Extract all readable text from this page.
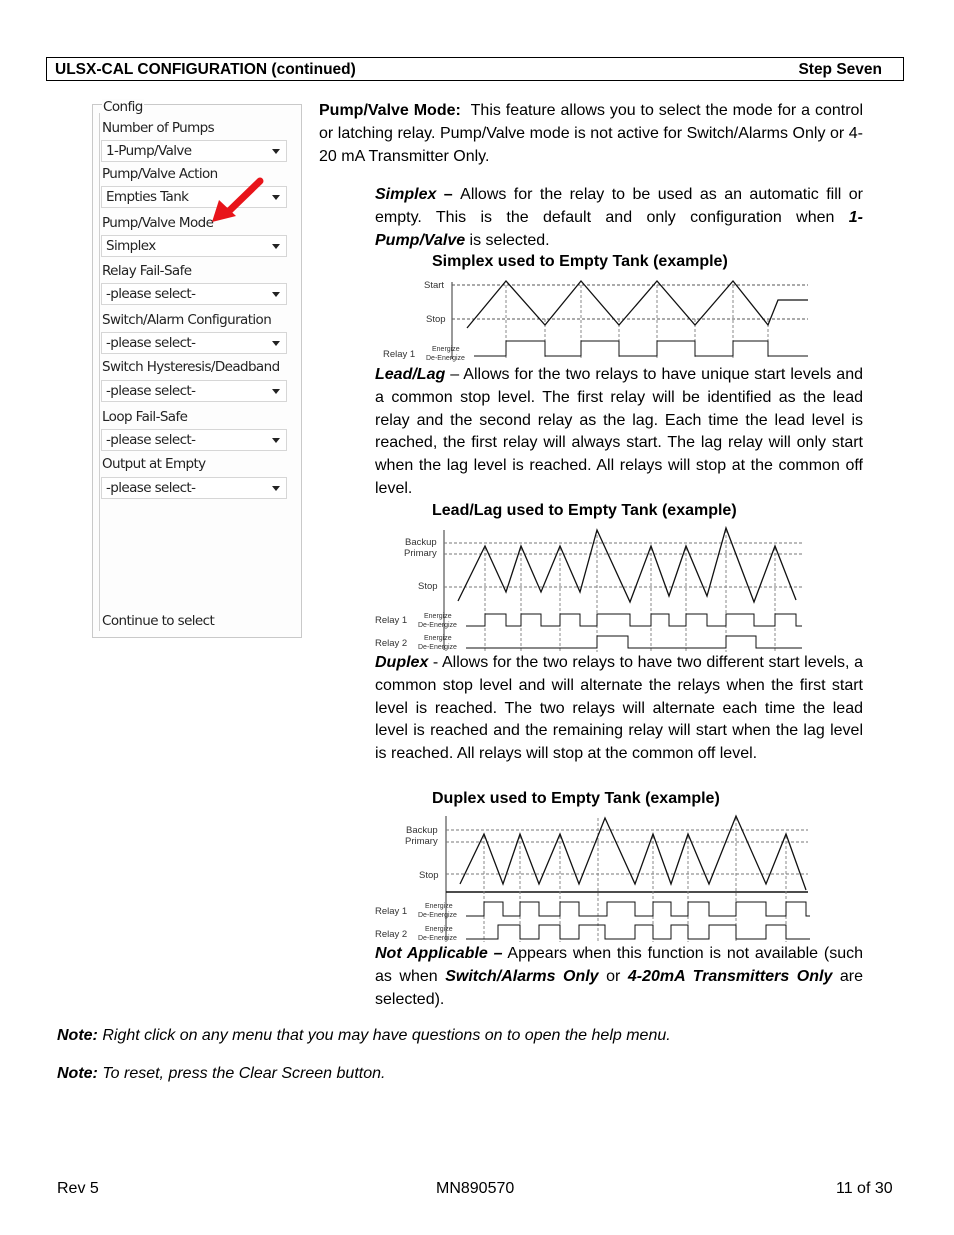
ULSX-CAL CONFIGURATION (continued)	Step Seven
Config
Number of Pumps
1-Pump/Valve
Pump/Valve Action
Empties Tank
Pump/Valve Mode
Simplex
Relay Fail-Safe
-please select-
Switch/Alarm Configuration
-please select-
Switch Hysteresis/Deadband
-please select-
Loop Fail-Safe
-please select-
Output at Empty
-please select-
Continue to select
Pump/Valve Mode: This feature allows you to select the mode for a control or latching relay. Pump/Valve mode is not active for Switch/Alarms Only or 4-20 mA Transmitter Only.
Simplex – Allows for the relay to be used as an automatic fill or empty. This is the default and only configuration when 1-Pump/Valve is selected.
Simplex used to Empty Tank (example)
Start
Stop
Relay 1 Energize
De-Energize
Lead/Lag – Allows for the two relays to have unique start levels and a common stop level. The first relay will be identified as the lead relay and the second relay as the lag. Each time the lead level is reached, the first relay will always start. The lag relay will only start when the lag level is reached. All relays will stop at the common off level.
Lead/Lag used to Empty Tank (example)
Backup
Primary
Stop
Relay 1
Relay 2
Energize
De-Energize
Energize
De-Energize
Duplex - Allows for the two relays to have two different start levels, a common stop level and will alternate the relays when the first start level is reached. The two relays will alternate each time the lead level is reached and the remaining relay will start when the lag level is reached. All relays will stop at the common off level.
Duplex used to Empty Tank (example)
Backup
Primary
Stop
Relay 1
Relay 2
Energize
De-Energize
Energize
De-Energize
Not Applicable – Appears when this function is not available (such as when Switch/Alarms Only or 4-20mA Transmitters Only are selected).
Note: Right click on any menu that you may have questions on to open the help menu.
Note: To reset, press the Clear Screen button.
Rev 5	MN890570	11 of 30
